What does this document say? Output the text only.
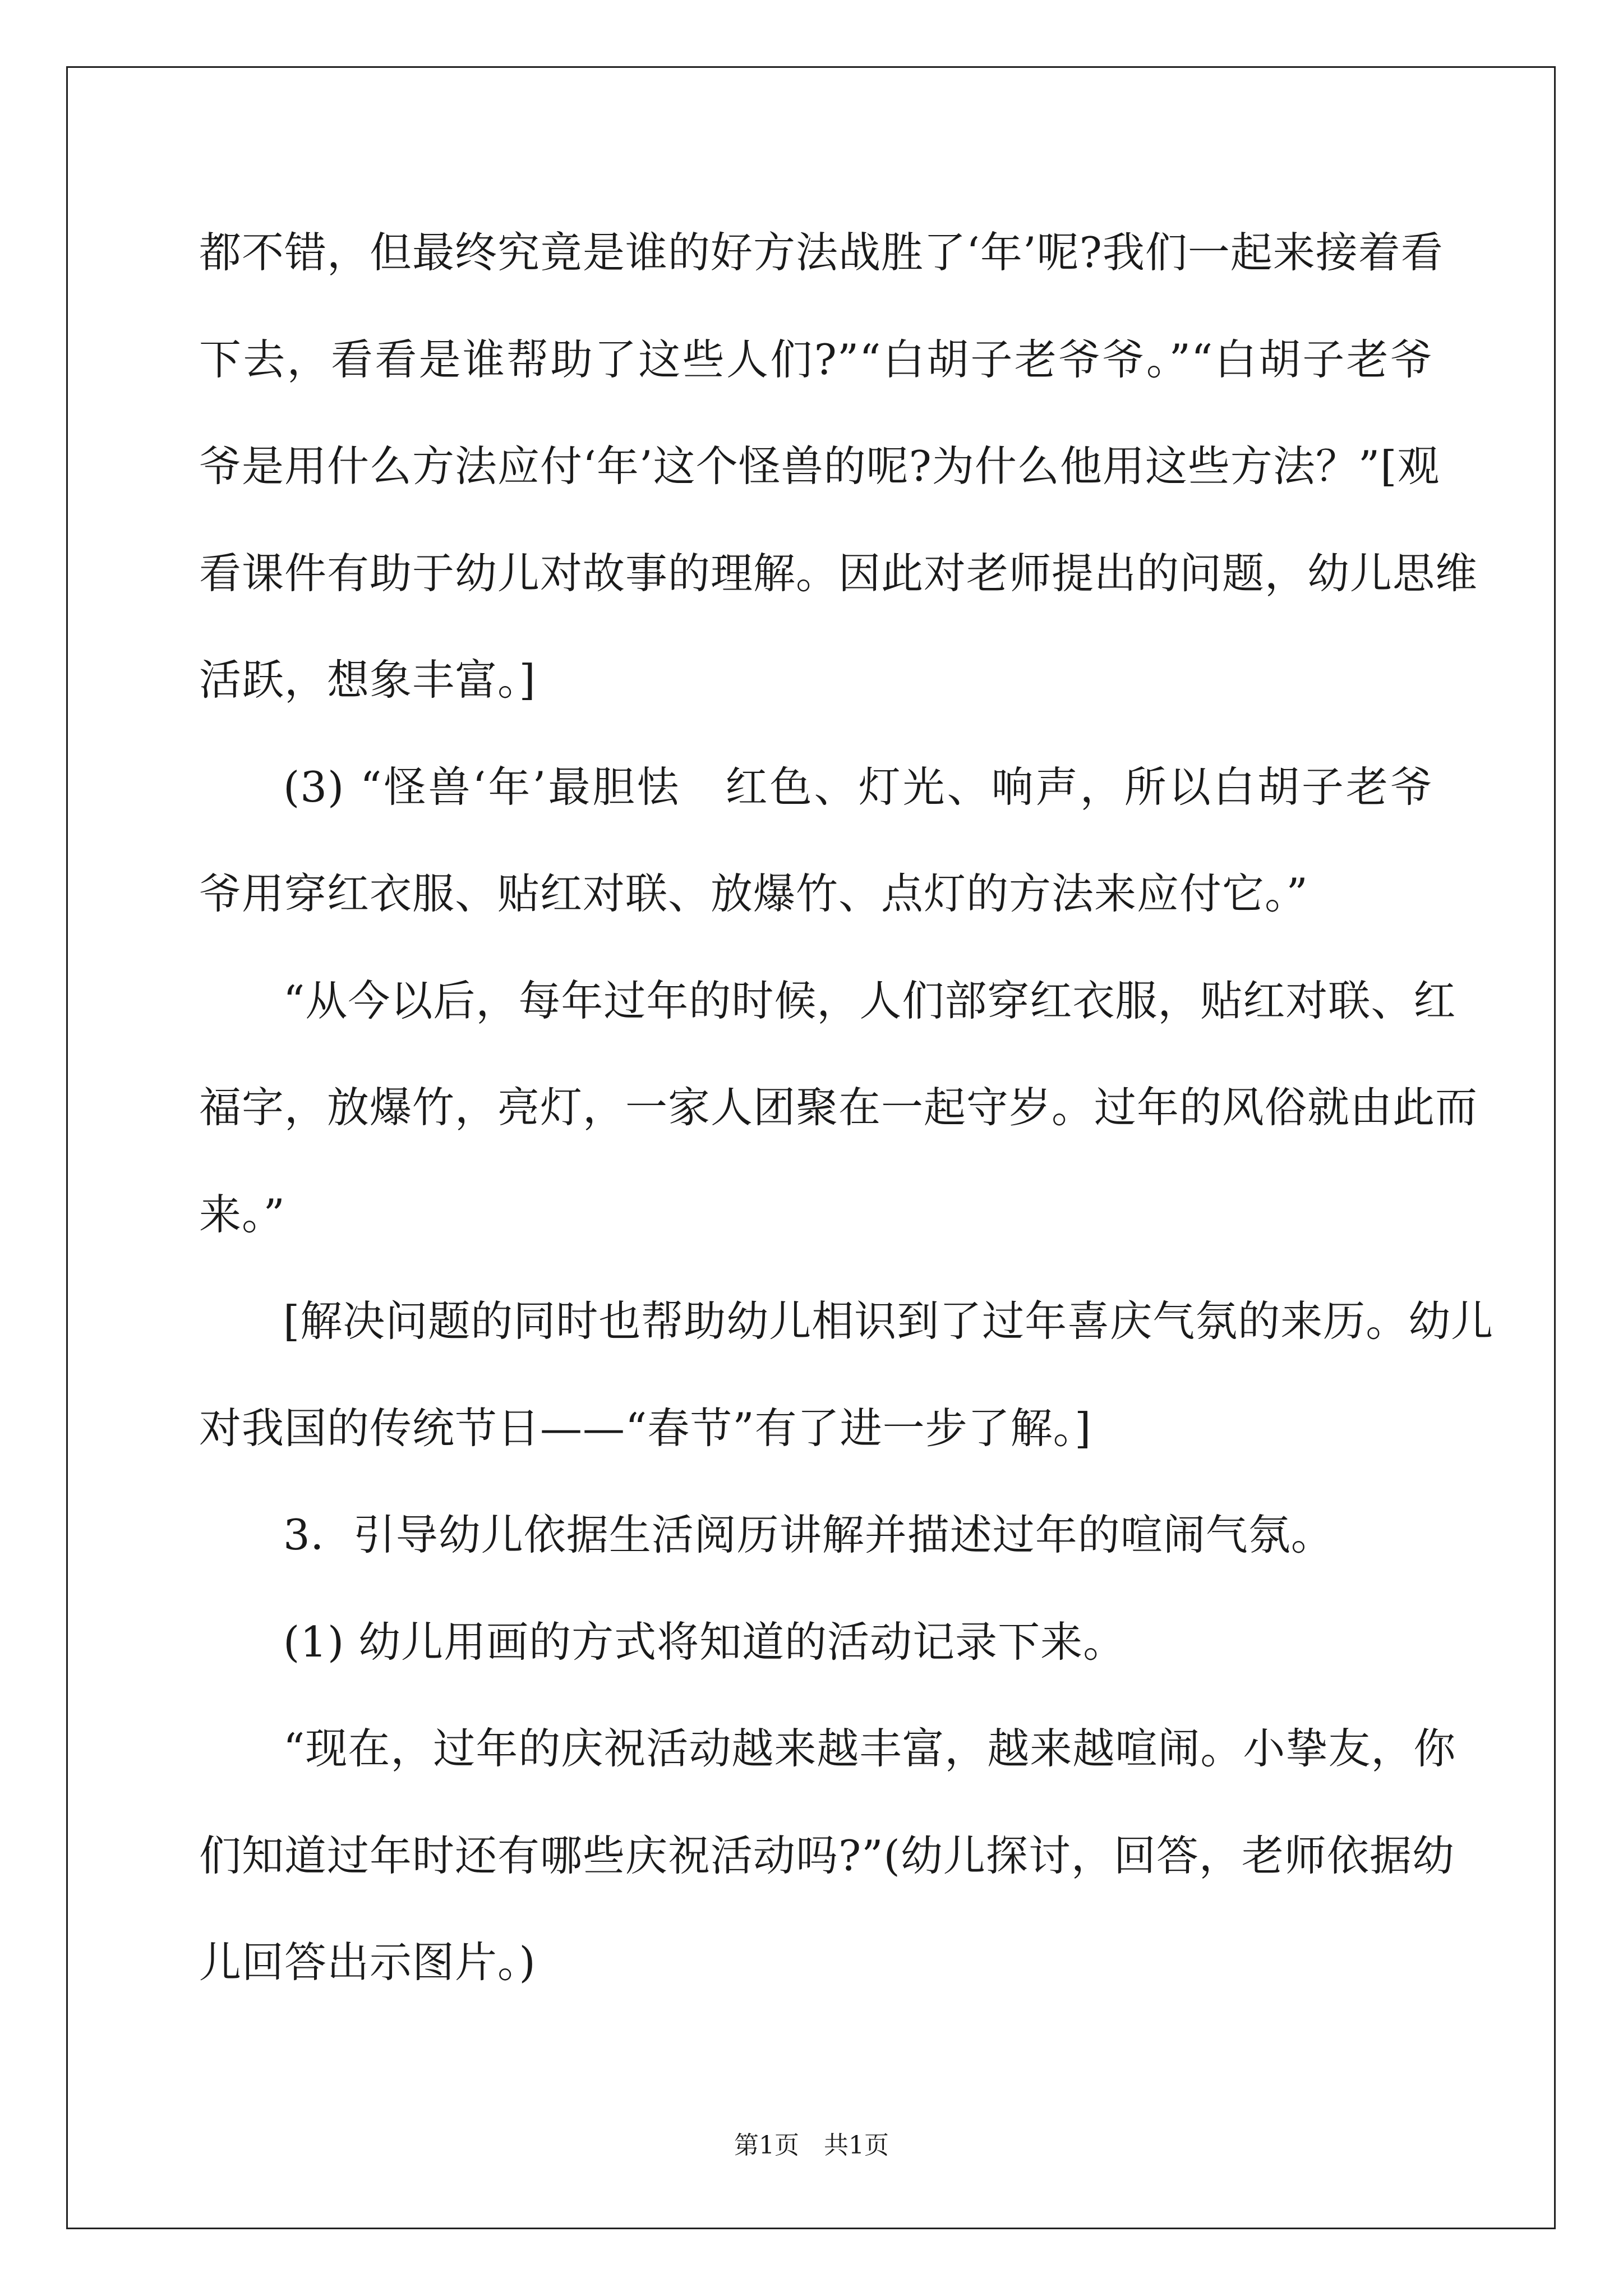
都不错，但最终究竟是谁的好方法战胜了‘年’呢?我们一起来接着看
下去，看看是谁帮助了这些人们?”“白胡子老爷爷。”“白胡子老爷
爷是用什么方法应付‘年’这个怪兽的呢?为什么他用这些方法？”[观
看课件有助于幼儿对故事的理解。因此对老师提出的问题，幼儿思维
活跃，想象丰富。]
(3) “怪兽‘年’最胆怯　红色、灯光、响声，所以白胡子老爷
爷用穿红衣服、贴红对联、放爆竹、点灯的方法来应付它。”
“从今以后，每年过年的时候，人们部穿红衣服，贴红对联、红
福字，放爆竹，亮灯，一家人团聚在一起守岁。过年的风俗就由此而
来。”
[解决问题的同时也帮助幼儿相识到了过年喜庆气氛的来历。幼儿
对我国的传统节日——“春节”有了进一步了解。]
3．引导幼儿依据生活阅历讲解并描述过年的喧闹气氛。
(1) 幼儿用画的方式将知道的活动记录下来。
“现在，过年的庆祝活动越来越丰富，越来越喧闹。小挚友，你
们知道过年时还有哪些庆祝活动吗?”(幼儿探讨，回答，老师依据幼
儿回答出示图片。)
第1页　共1页
